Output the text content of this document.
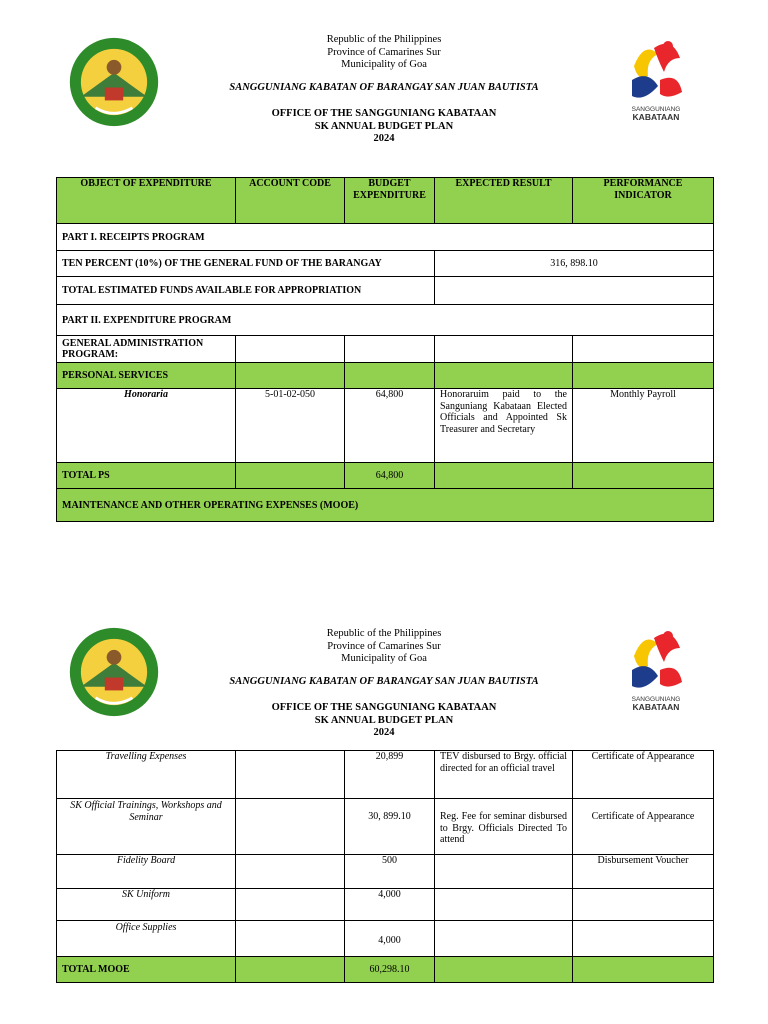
SANGGUNIANG
KABATAAN
Republic of the Philippines
Province of Camarines Sur
Municipality of Goa
SANGGUNIANG KABATAN OF BARANGAY SAN JUAN BAUTISTA
OFFICE OF THE SANGGUNIANG KABATAAN
SK ANNUAL BUDGET PLAN
2024
OBJECT OF EXPENDITURE	ACCOUNT CODE	BUDGET EXPENDITURE	EXPECTED RESULT	PERFORMANCE INDICATOR
PART I. RECEIPTS PROGRAM				
TEN PERCENT (10%) OF THE GENERAL FUND OF THE BARANGAY			316, 898.10	
TOTAL ESTIMATED FUNDS AVAILABLE FOR APPROPRIATION				
PART II. EXPENDITURE PROGRAM				
GENERAL ADMINISTRATION PROGRAM:				
PERSONAL SERVICES				
Honoraria	5-01-02-050	64,800	Honoraruim paid to the Sanguniang Kabataan Elected Officials and Appointed Sk Treasurer and Secretary	Monthly Payroll
TOTAL PS		64,800		
MAINTENANCE AND OTHER OPERATING EXPENSES (MOOE)				
SANGGUNIANG
KABATAAN
Republic of the Philippines
Province of Camarines Sur
Municipality of Goa
SANGGUNIANG KABATAN OF BARANGAY SAN JUAN BAUTISTA
OFFICE OF THE SANGGUNIANG KABATAAN
SK ANNUAL BUDGET PLAN
2024
Travelling Expenses		20,899	TEV disbursed to Brgy. official directed for an official travel	Certificate of Appearance
SK Official Trainings, Workshops and Seminar		30, 899.10	Reg. Fee for seminar disbursed to Brgy. Officials Directed To attend	Certificate of Appearance
Fidelity Board		500		Disbursement Voucher
SK Uniform		4,000		
Office Supplies		4,000		
TOTAL MOOE		60,298.10		
